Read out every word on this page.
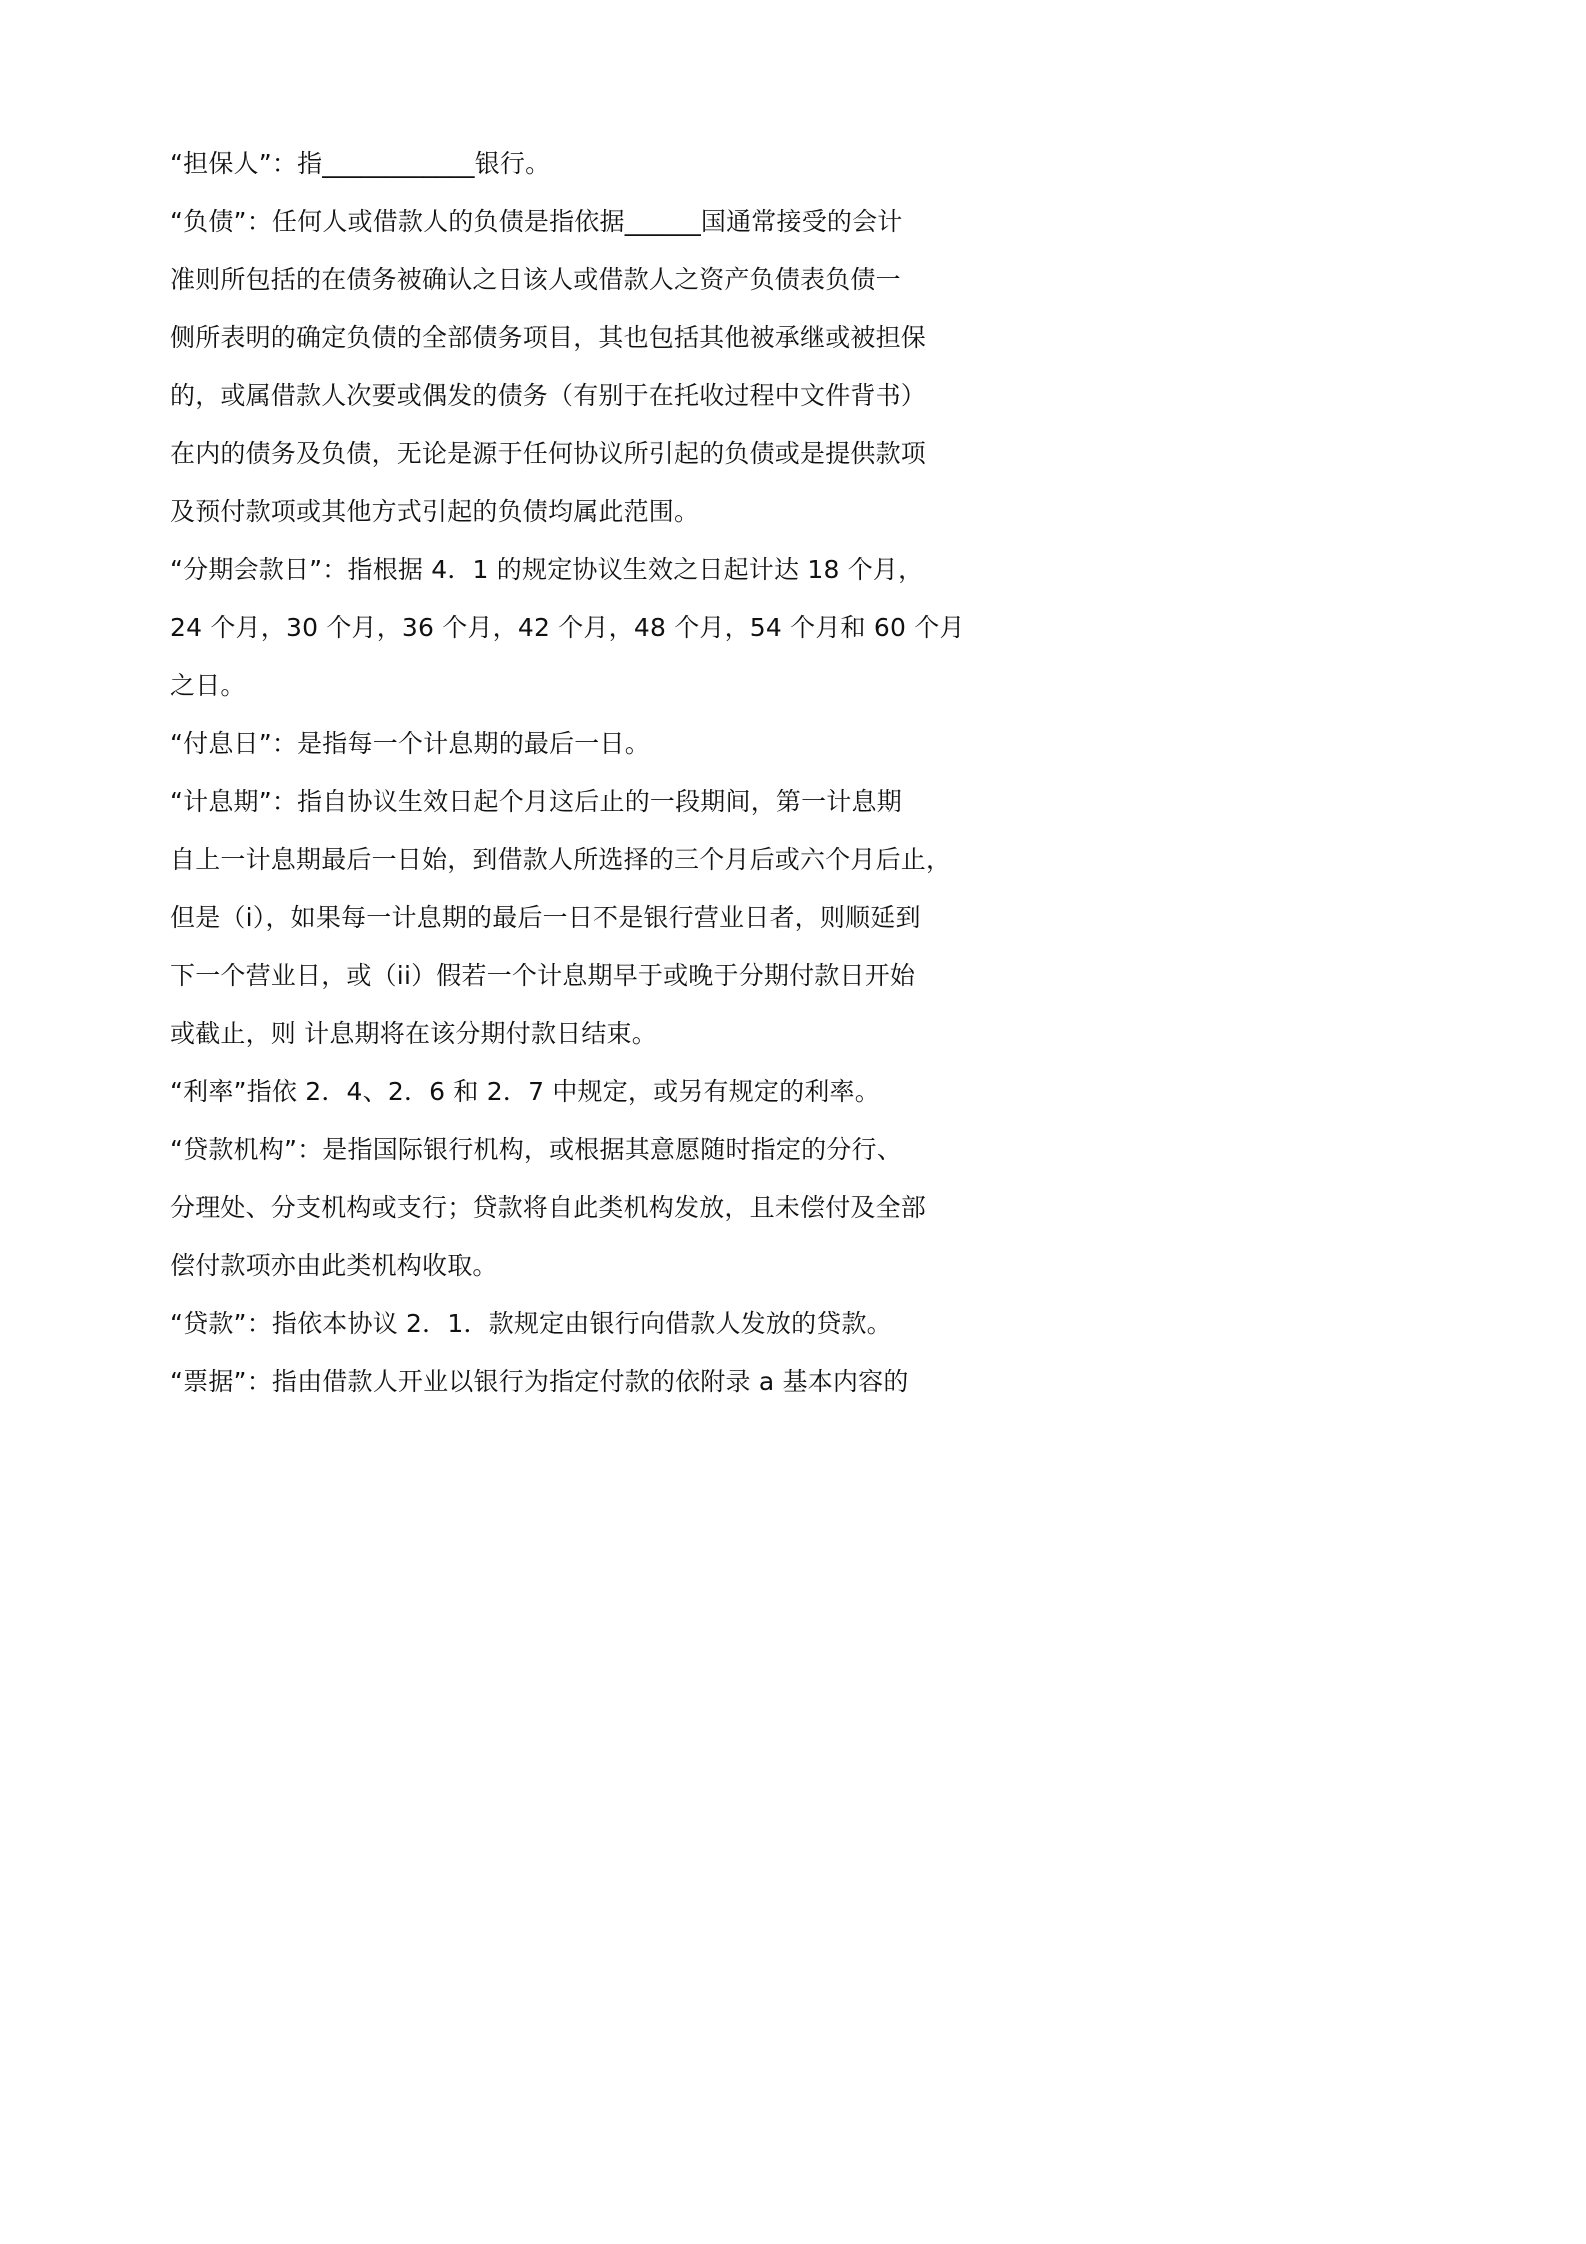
“担保人”：指____________银行。
“负债”：任何人或借款人的负债是指依据______国通常接受的会计
准则所包括的在债务被确认之日该人或借款人之资产负债表负债一
侧所表明的确定负债的全部债务项目，其也包括其他被承继或被担保
的，或属借款人次要或偶发的债务（有别于在托收过程中文件背书）
在内的债务及负债，无论是源于任何协议所引起的负债或是提供款项
及预付款项或其他方式引起的负债均属此范围。
“分期会款日”：指根据 4．1 的规定协议生效之日起计达 18 个月，
24 个月，30 个月，36 个月，42 个月，48 个月，54 个月和 60 个月
之日。
“付息日”：是指每一个计息期的最后一日。
“计息期”：指自协议生效日起个月这后止的一段期间，第一计息期
自上一计息期最后一日始，到借款人所选择的三个月后或六个月后止，
但是（i），如果每一计息期的最后一日不是银行营业日者，则顺延到
下一个营业日，或（ii）假若一个计息期早于或晚于分期付款日开始
或截止，则 计息期将在该分期付款日结束。
“利率”指依 2．4、2．6 和 2．7 中规定，或另有规定的利率。
“贷款机构”：是指国际银行机构，或根据其意愿随时指定的分行、
分理处、分支机构或支行；贷款将自此类机构发放，且未偿付及全部
偿付款项亦由此类机构收取。
“贷款”：指依本协议 2．1．款规定由银行向借款人发放的贷款。
“票据”：指由借款人开业以银行为指定付款的依附录 a 基本内容的
